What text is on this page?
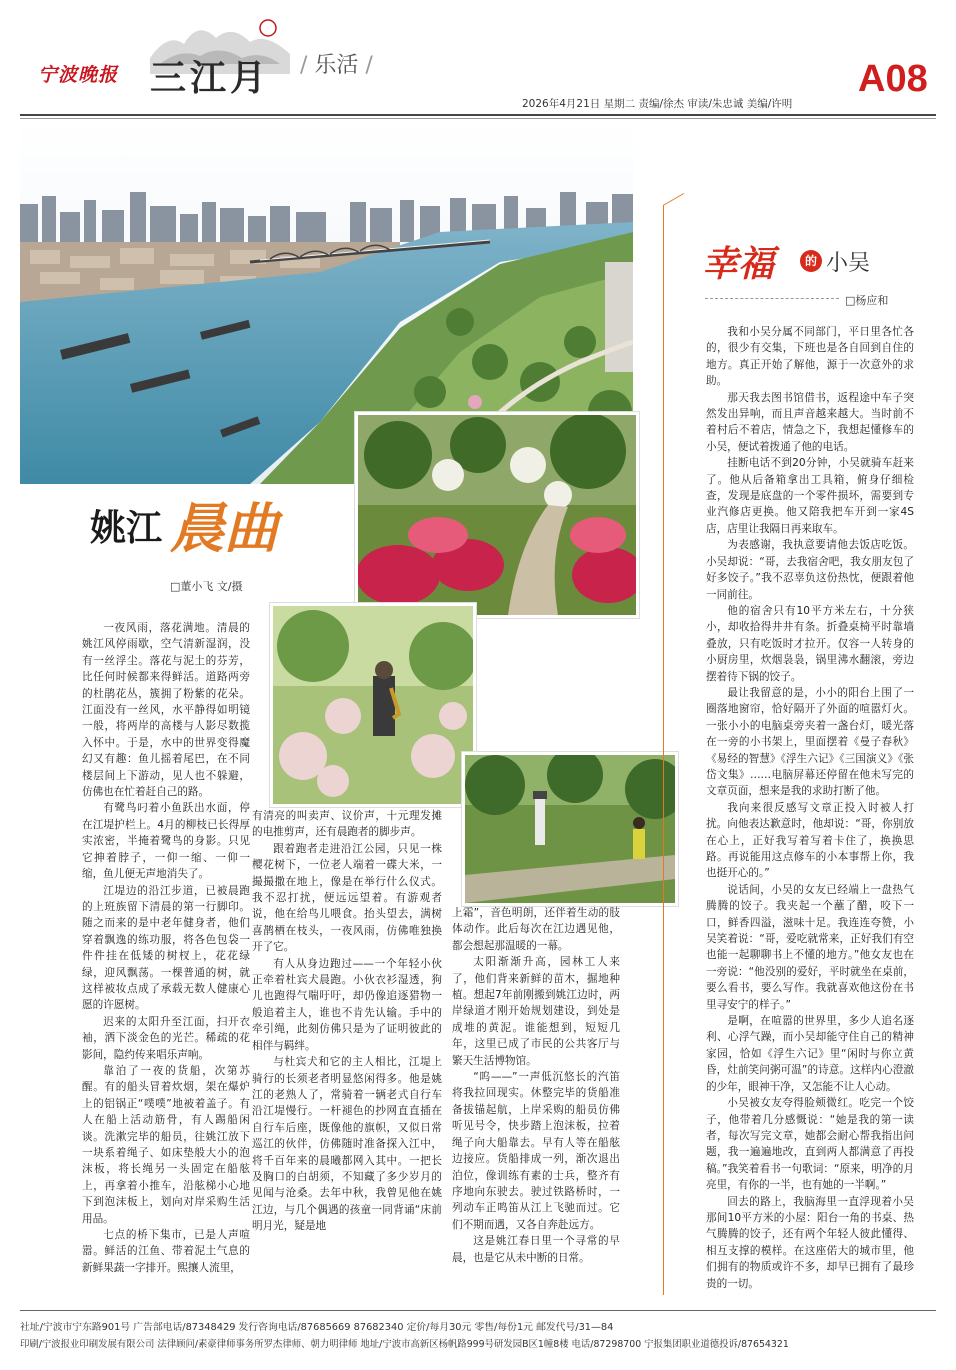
宁波晚报 三江月 / 乐活 /	A08
2026年4月21日 星期二 责编/徐杰 审读/朱忠诚 美编/许明
姚江 晨曲
□董小飞 文/摄

一夜风雨，落花满地。清晨的姚江风停雨歇，空气清新湿润，没有一丝浮尘。落花与泥土的芬芳，比任何时候都来得鲜活。道路两旁的杜鹃花丛，簇拥了粉紫的花朵。江面没有一丝风，水平静得如明镜一般，将两岸的高楼与人影尽数揽入怀中。于是，水中的世界变得魔幻又有趣：鱼儿摇着尾巴，在不同楼层间上下游动，见人也不躲避，仿佛也在忙着赶自己的路。

有鹭鸟叼着小鱼跃出水面，停在江堤护栏上。4月的柳枝已长得厚实浓密，半掩着鹭鸟的身影。只见它抻着脖子，一仰一缩、一仰一缩，鱼儿便无声地消失了。

江堤边的沿江步道，已被晨跑的上班族留下清晨的第一行脚印。随之而来的是中老年健身者，他们穿着飘逸的练功服，将各色包袋一件件挂在低矮的树杈上，花花绿绿，迎风飘荡。一棵普通的树，就这样被妆点成了承载无数人健康心愿的许愿树。

迟来的太阳升至江面，扫开衣袖，洒下淡金色的光芒。稀疏的花影间，隐约传来唱乐声响。

靠泊了一夜的货船，次第苏醒。有的船头冒着炊烟，架在爆炉上的铝锅正“噗噗”地被着盖子。有人在船上活动筋骨，有人踢船闲谈。洗漱完毕的船员，往姚江放下一块系着绳子、如床垫般大小的泡沫板，将长绳另一头固定在船舷上，再拿着小推车，沿舷梯小心地下到泡沫板上，划向对岸采购生活用品。

七点的桥下集市，已是人声喧嚣。鲜活的江鱼、带着泥土气息的新鲜果蔬一字排开。熙攘人流里，

有清亮的叫卖声、议价声，十元理发摊的电推剪声，还有晨跑者的脚步声。

跟着跑者走进沿江公园，只见一株樱花树下，一位老人端着一碟大米，一撮撮撒在地上，像是在举行什么仪式。我不忍打扰，便远远望着。有游观者说，他在给鸟儿喂食。抬头望去，满树喜鹊栖在枝头，一夜风雨，仿佛唯独换开了它。

有人从身边跑过——一个年轻小伙正牵着杜宾犬晨跑。小伙衣衫湿透，狗儿也跑得气喘吁吁，却仍像追逐猎物一般追着主人，谁也不肯先认输。手中的牵引绳，此刻仿佛只是为了证明彼此的相伴与羁绊。

与杜宾犬和它的主人相比，江堤上骑行的长须老者明显悠闲得多。他是姚江的老熟人了，常骑着一辆老式自行车沿江堤慢行。一杆褪色的抄网直直插在自行车后座，既像他的旗帜，又似日常巡江的伙伴，仿佛随时准备探入江中，将千百年来的晨曦都网入其中。一把长及胸口的白胡须，不知藏了多少岁月的见闻与沧桑。去年中秋，我曾见他在姚江边，与几个偶遇的孩童一同背诵“床前明月光，疑是地

上霜”，音色明朗，还伴着生动的肢体动作。此后每次在江边遇见他，都会想起那温暖的一幕。

太阳渐渐升高，园林工人来了，他们背来新鲜的苗木，掘地种植。想起7年前刚搬到姚江边时，两岸绿道才刚开始规划建设，到处是成堆的黄泥。谁能想到，短短几年，这里已成了市民的公共客厅与繁天生活博物馆。

“呜——”一声低沉悠长的汽笛将我拉回现实。休整完毕的货船准备拔锚起航，上岸采购的船员仿佛听见号令，快步踏上泡沫板，拉着绳子向大船靠去。早有人等在船舷边接应。货船排成一列，渐次退出泊位，像训练有素的士兵，整齐有序地向东驶去。驶过铁路桥时，一列动车正鸣笛从江上飞驰而过。它们不期而遇，又各自奔赴远方。

这是姚江春日里一个寻常的早晨，也是它从未中断的日常。

幸福	的 小吴
□杨应和

我和小吴分属不同部门，平日里各忙各的，很少有交集，下班也是各自回到自住的地方。真正开始了解他，源于一次意外的求助。

那天我去图书馆借书，返程途中车子突然发出异响，而且声音越来越大。当时前不着村后不着店，情急之下，我想起懂修车的小吴，便试着拨通了他的电话。

挂断电话不到20分钟，小吴就骑车赶来了。他从后备箱拿出工具箱，俯身仔细检查，发现是底盘的一个零件损坏，需要到专业汽修店更换。他又陪我把车开到一家4S店，店里让我隔日再来取车。

为表感谢，我执意要请他去饭店吃饭。小吴却说：“哥，去我宿舍吧，我女朋友包了好多饺子。”我不忍辜负这份热忱，便跟着他一同前往。

他的宿舍只有10平方米左右，十分狭小，却收拾得井井有条。折叠桌椅平时靠墙叠放，只有吃饭时才拉开。仅容一人转身的小厨房里，炊烟袅袅，锅里沸水翻滚，旁边摆着待下锅的饺子。

最让我留意的是，小小的阳台上围了一圈落地窗帘，恰好隔开了外面的喧嚣灯火。一张小小的电脑桌旁夹着一盏台灯，暖光落在一旁的小书架上，里面摆着《曼子春秋》《易经的智慧》《浮生六记》《三国演义》《张岱文集》……电脑屏幕还停留在他未写完的文章页面，想来是我的求助打断了他。

我向来很反感写文章正投入时被人打扰。向他表达歉意时，他却说：“哥，你别放在心上，正好我写着写着卡住了，换换思路。再说能用这点修车的小本事帮上你，我也挺开心的。”

说话间，小吴的女友已经端上一盘热气腾腾的饺子。我夹起一个蘸了醋，咬下一口，鲜香四溢，滋味十足。我连连夸赞，小吴笑着说：“哥，爱吃就常来，正好我们有空也能一起聊聊书上不懂的地方。”他女友也在一旁说：“他没别的爱好，平时就坐在桌前，要么看书，要么写作。我就喜欢他这份在书里寻安宁的样子。”

是啊，在喧嚣的世界里，多少人追名逐利、心浮气躁，而小吴却能守住自己的精神家园，恰如《浮生六记》里“闲时与你立黄昏，灶前笑问粥可温”的诗意。这样内心澄澈的少年，眼神干净，又怎能不让人心动。

小吴被女友夸得脸颊微红。吃完一个饺子，他带着几分感慨说：“她是我的第一读者，每次写完文章，她都会耐心帮我指出问题，我一遍遍地改，直到两人都满意了再投稿。”我笑着看书一句歌词：“原来，明净的月亮里，有你的一半，也有她的一半啊。”

回去的路上，我脑海里一直浮现着小吴那间10平方米的小屋：阳台一角的书桌、热气腾腾的饺子，还有两个年轻人彼此懂得、相互支撑的模样。在这座偌大的城市里，他们拥有的物质或许不多，却早已拥有了最珍贵的一切。

社址/宁波市宁东路901号 广告部电话/87348429 发行咨询电话/87685669 87682340 定价/每月30元 零售/每份1元 邮发代号/31—84
印刷/宁波报业印刷发展有限公司 法律顾问/素豪律师事务所罗杰律师、朝力明律师 地址/宁波市高新区杨帆路999号研发园B区1幢8楼 电话/87298700 宁报集团职业道德投诉/87654321
